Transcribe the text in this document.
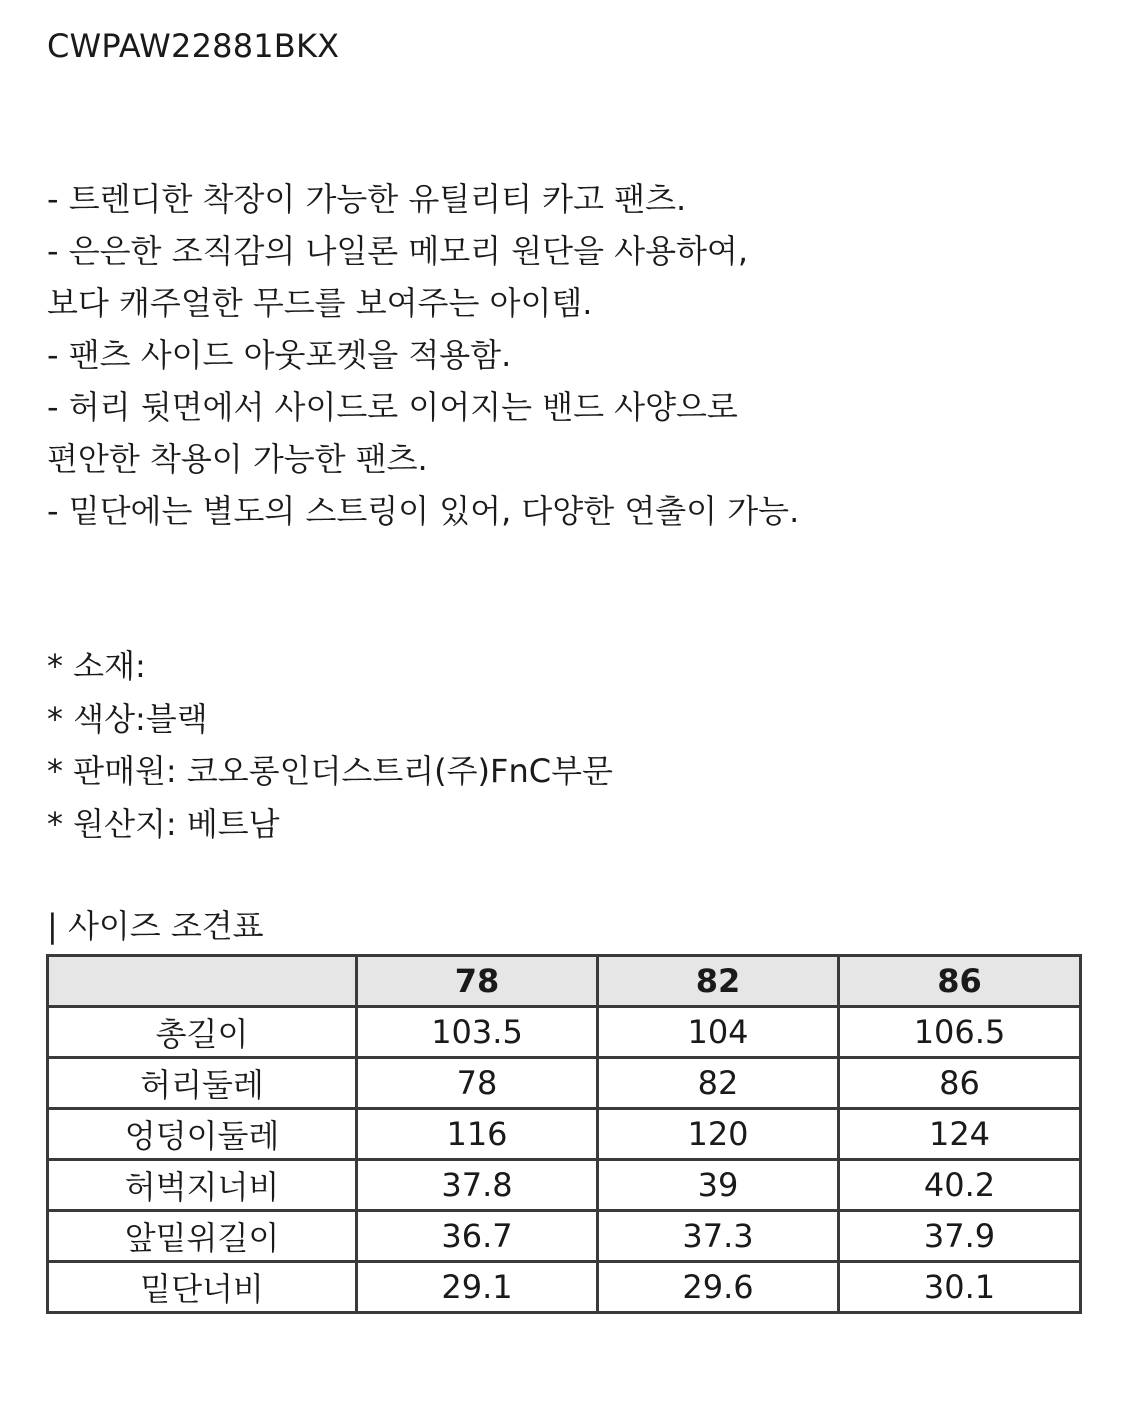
CWPAW22881BKX
- 트렌디한 착장이 가능한 유틸리티 카고 팬츠.
- 은은한 조직감의 나일론 메모리 원단을 사용하여,
보다 캐주얼한 무드를 보여주는 아이템.
- 팬츠 사이드 아웃포켓을 적용함.
- 허리 뒷면에서 사이드로 이어지는 밴드 사양으로
편안한 착용이 가능한 팬츠.
- 밑단에는 별도의 스트링이 있어, 다양한 연출이 가능.
* 소재:
* 색상:블랙
* 판매원: 코오롱인더스트리(주)FnC부문
* 원산지: 베트남
| 사이즈 조견표
	78	82	86
총길이	103.5	104	106.5
허리둘레	78	82	86
엉덩이둘레	116	120	124
허벅지너비	37.8	39	40.2
앞밑위길이	36.7	37.3	37.9
밑단너비	29.1	29.6	30.1
